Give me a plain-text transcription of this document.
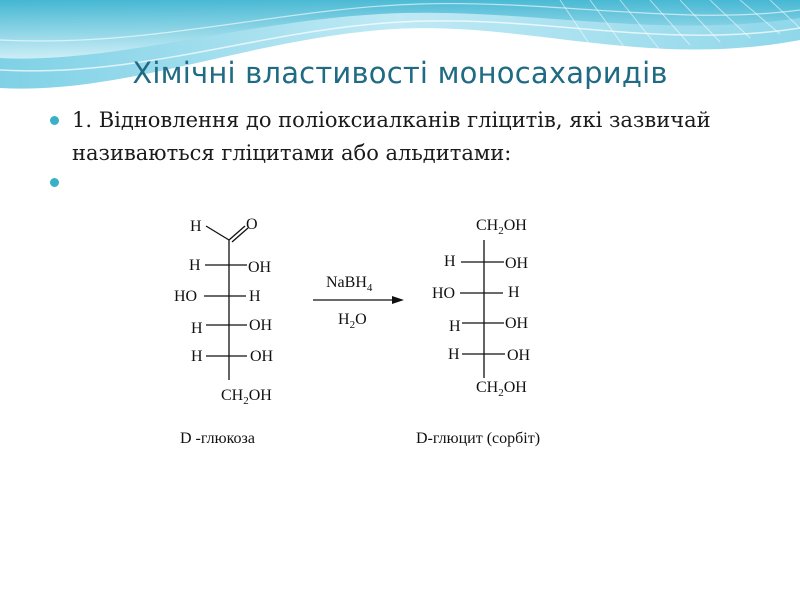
Хімічні властивості моносахаридів
1. Відновлення до поліоксиалканів гліцитів, які зазвичай називаються гліцитами або альдитами:
H	O
H	OH
HO	H
H	OH
H	OH
$CH_2OH$
D -глюкоза
NaBH$_4$
$H_2O$
$CH_2OH$
H	OH
HO	H
H	OH
H	OH
$CH_2OH$
D-глюцит (сорбіт)
